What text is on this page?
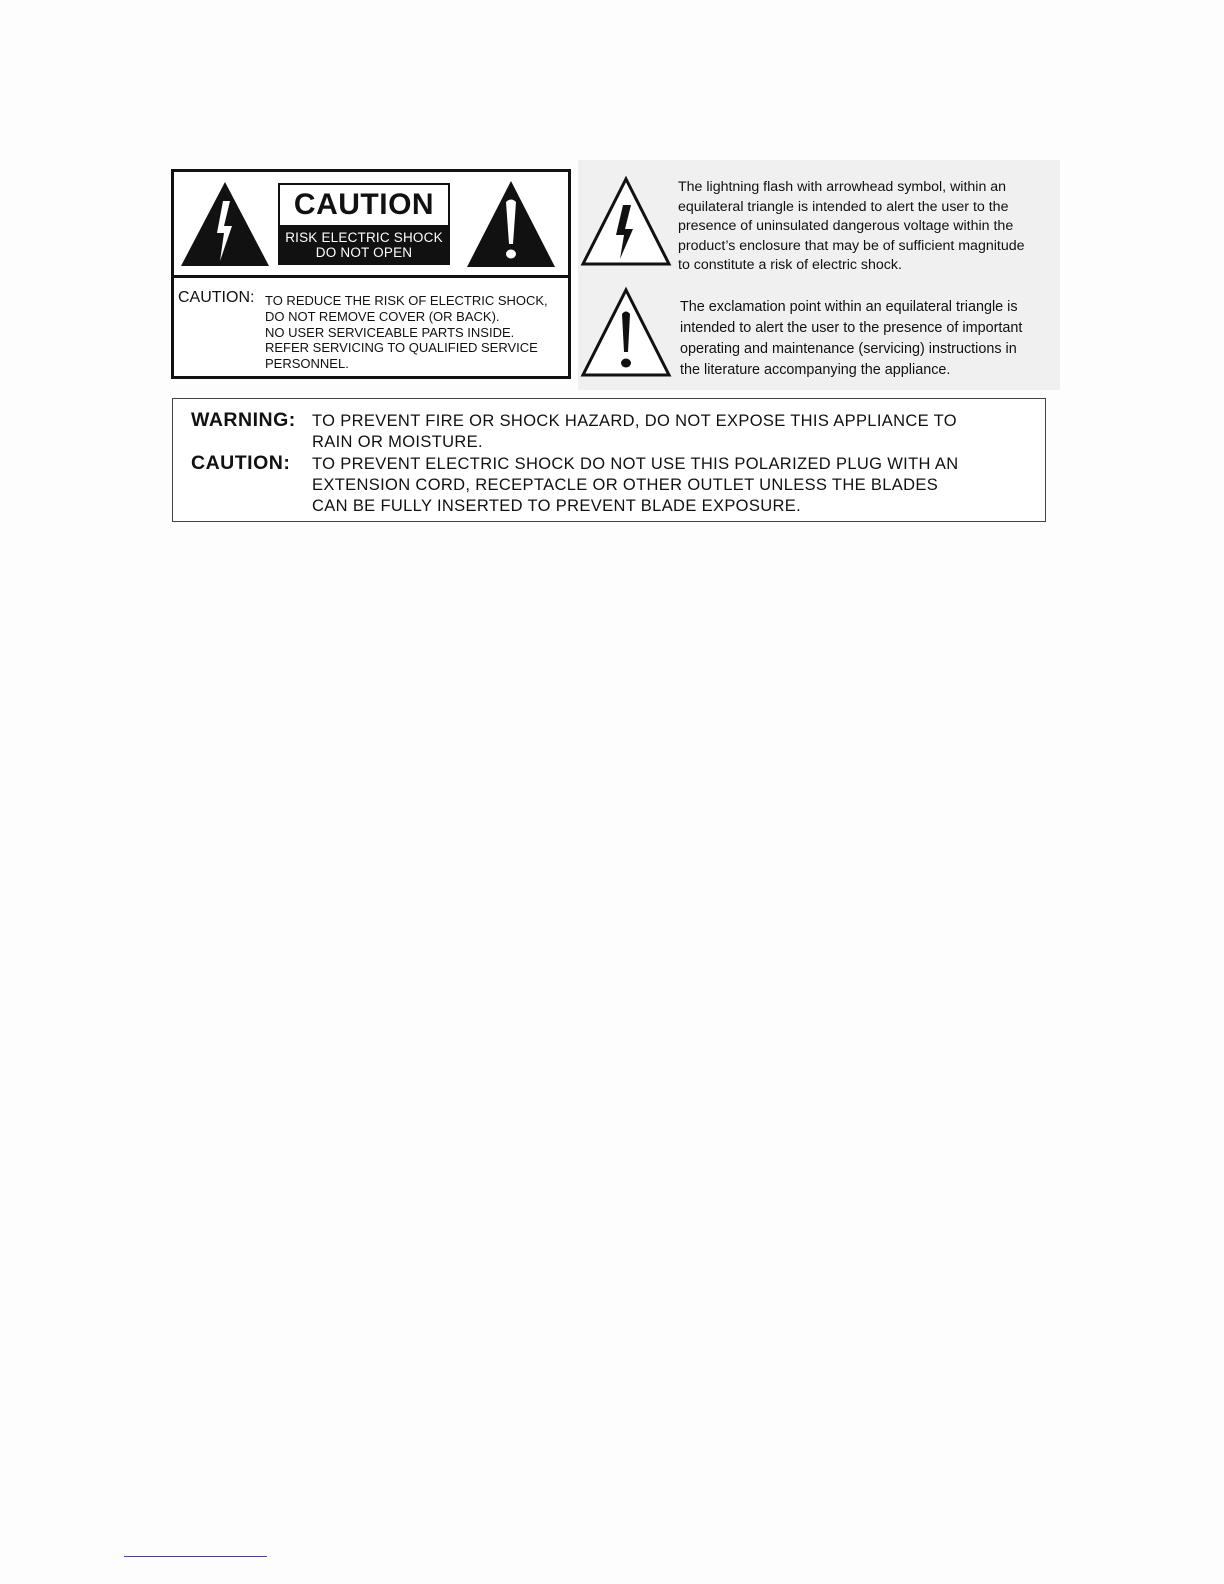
CAUTION
RISK ELECTRIC SHOCK
DO NOT OPEN
CAUTION: TO REDUCE THE RISK OF ELECTRIC SHOCK,
DO NOT REMOVE COVER (OR BACK).
NO USER SERVICEABLE PARTS INSIDE.
REFER SERVICING TO QUALIFIED SERVICE
PERSONNEL.
The lightning flash with arrowhead symbol, within an
equilateral triangle is intended to alert the user to the
presence of uninsulated dangerous voltage within the
product’s enclosure that may be of sufficient magnitude
to constitute a risk of electric shock.
The exclamation point within an equilateral triangle is
intended to alert the user to the presence of important
operating and maintenance (servicing) instructions in
the literature accompanying the appliance.
WARNING: TO PREVENT FIRE OR SHOCK HAZARD, DO NOT EXPOSE THIS APPLIANCE TO
RAIN OR MOISTURE.
CAUTION: TO PREVENT ELECTRIC SHOCK DO NOT USE THIS POLARIZED PLUG WITH AN
EXTENSION CORD, RECEPTACLE OR OTHER OUTLET UNLESS THE BLADES
CAN BE FULLY INSERTED TO PREVENT BLADE EXPOSURE.
